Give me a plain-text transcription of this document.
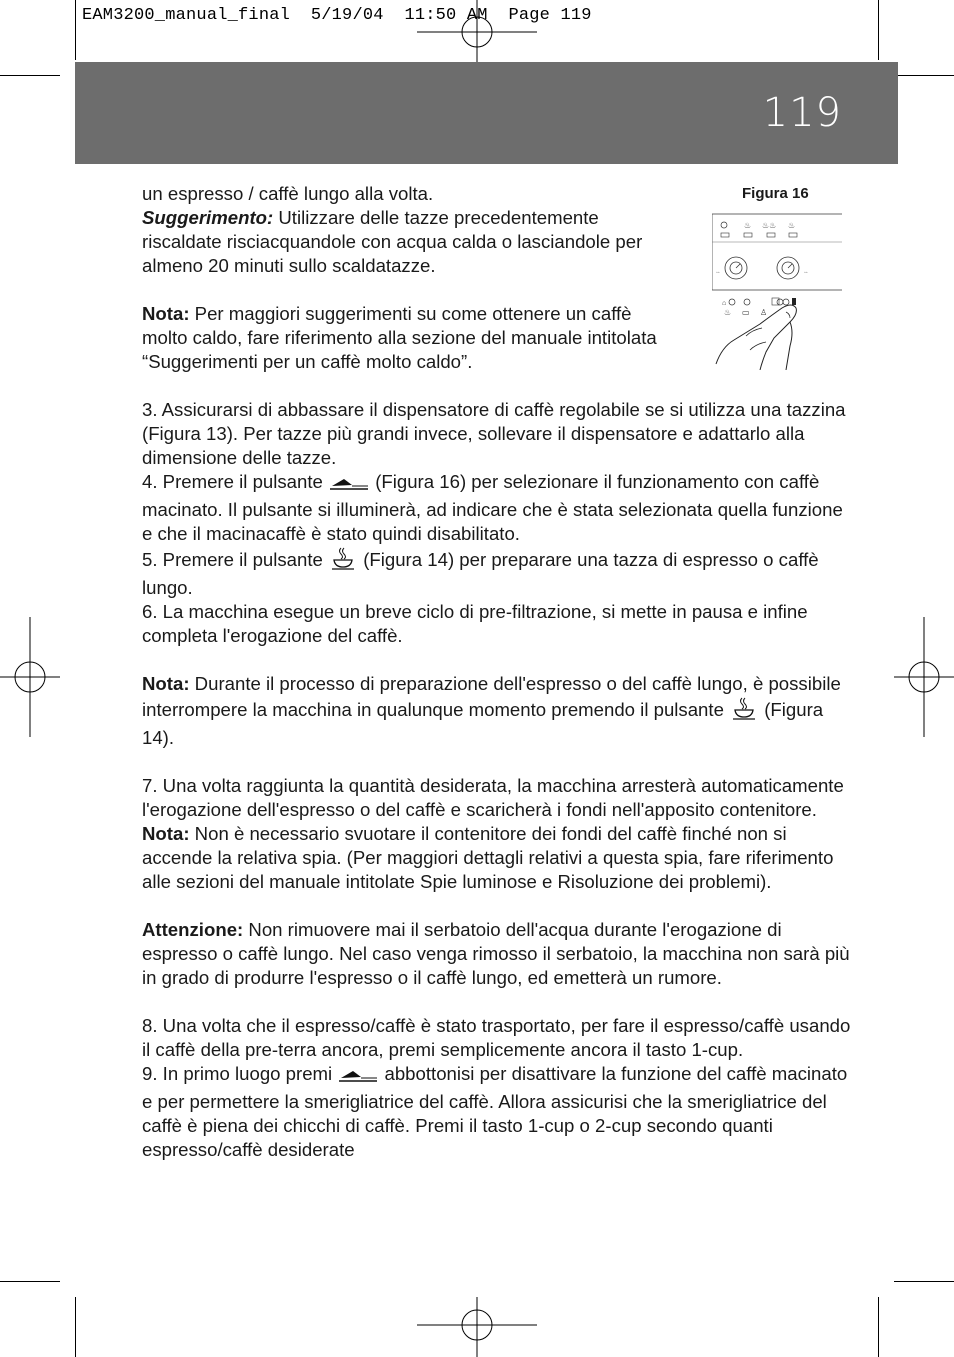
EAM3200_manual_final  5/19/04  11:50 AM  Page 119
119
Figura 16
♨ ♨♨ ♨
◦◦	◦◦
⌂
♨ ▭ ♙

un espresso / caffè lungo alla volta.

Suggerimento: Utilizzare delle tazze precedentemente riscaldate risciacquandole con acqua calda o lasciandole per almeno 20 minuti sullo scaldatazze.

Nota: Per maggiori suggerimenti su come ottenere un caffè molto caldo, fare riferimento alla sezione del manuale intitolata “Suggerimenti per un caffè molto caldo”.

3. Assicurarsi di abbassare il dispensatore di caffè regolabile se si utilizza una tazzina (Figura 13). Per tazze più grandi invece, sollevare il dispensatore e adattarlo alla dimensione delle tazze.

4. Premere il pulsante  (Figura 16) per selezionare il funzionamento con caffè macinato. Il pulsante si illuminerà, ad indicare che è stata selezionata quella funzione e che il macinacaffè è stato quindi disabilitato.

5. Premere il pulsante  (Figura 14) per preparare una tazza di espresso o caffè lungo.

6. La macchina esegue un breve ciclo di pre-filtrazione, si mette in pausa e infine completa l'erogazione del caffè.

Nota: Durante il processo di preparazione dell'espresso o del caffè lungo, è possibile interrompere la macchina in qualunque momento premendo il pulsante  (Figura 14).

7. Una volta raggiunta la quantità desiderata, la macchina arresterà automaticamente l'erogazione dell'espresso o del caffè e scaricherà i fondi nell'apposito contenitore. Nota: Non è necessario svuotare il contenitore dei fondi del caffè finché non si accende la relativa spia. (Per maggiori dettagli relativi a questa spia, fare riferimento alle sezioni del manuale intitolate Spie luminose e Risoluzione dei problemi).

Attenzione: Non rimuovere mai il serbatoio dell'acqua durante l'erogazione di espresso o caffè lungo. Nel caso venga rimosso il serbatoio, la macchina non sarà più in grado di produrre l'espresso o il caffè lungo, ed emetterà un rumore.

8. Una volta che il espresso/caffè è stato trasportato, per fare il espresso/caffè usando il caffè della pre-terra ancora, premi semplicemente ancora il tasto 1-cup.

9. In primo luogo premi  abbottonisi per disattivare la funzione del caffè macinato e per permettere la smerigliatrice del caffè. Allora assicurisi che la smerigliatrice del caffè è piena dei chicchi di caffè. Premi il tasto 1-cup o 2-cup secondo quanti espresso/caffè desiderate
